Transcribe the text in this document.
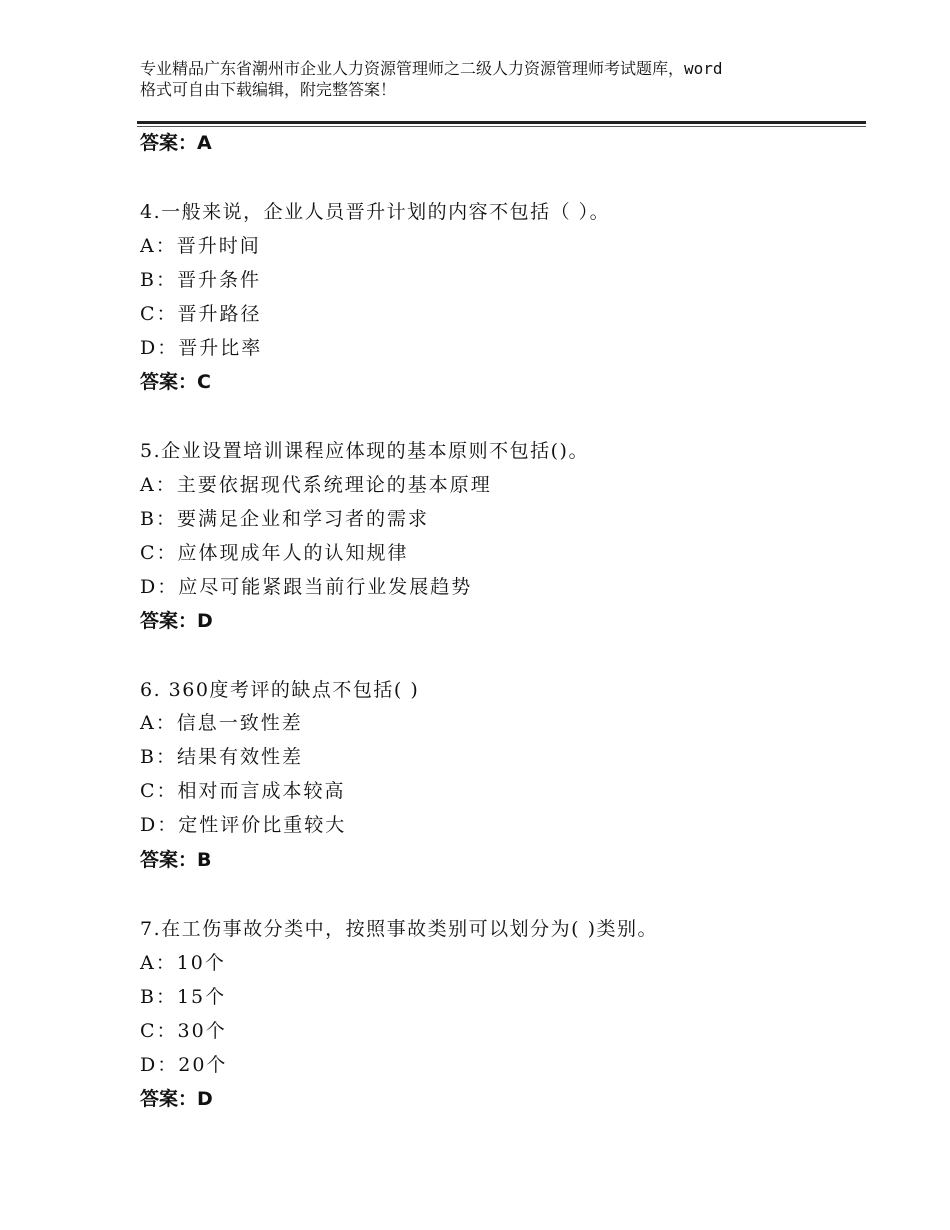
专业精品广东省潮州市企业人力资源管理师之二级人力资源管理师考试题库，word
格式可自由下载编辑，附完整答案！
答案：A
4.一般来说，企业人员晋升计划的内容不包括（ ）。
A：晋升时间
B：晋升条件
C：晋升路径
D：晋升比率
答案：C
5.企业设置培训课程应体现的基本原则不包括()。
A：主要依据现代系统理论的基本原理
B：要满足企业和学习者的需求
C：应体现成年人的认知规律
D：应尽可能紧跟当前行业发展趋势
答案：D
6. 360度考评的缺点不包括( )
A：信息一致性差
B：结果有效性差
C：相对而言成本较高
D：定性评价比重较大
答案：B
7.在工伤事故分类中，按照事故类别可以划分为( )类别。
A：10个
B：15个
C：30个
D：20个
答案：D
